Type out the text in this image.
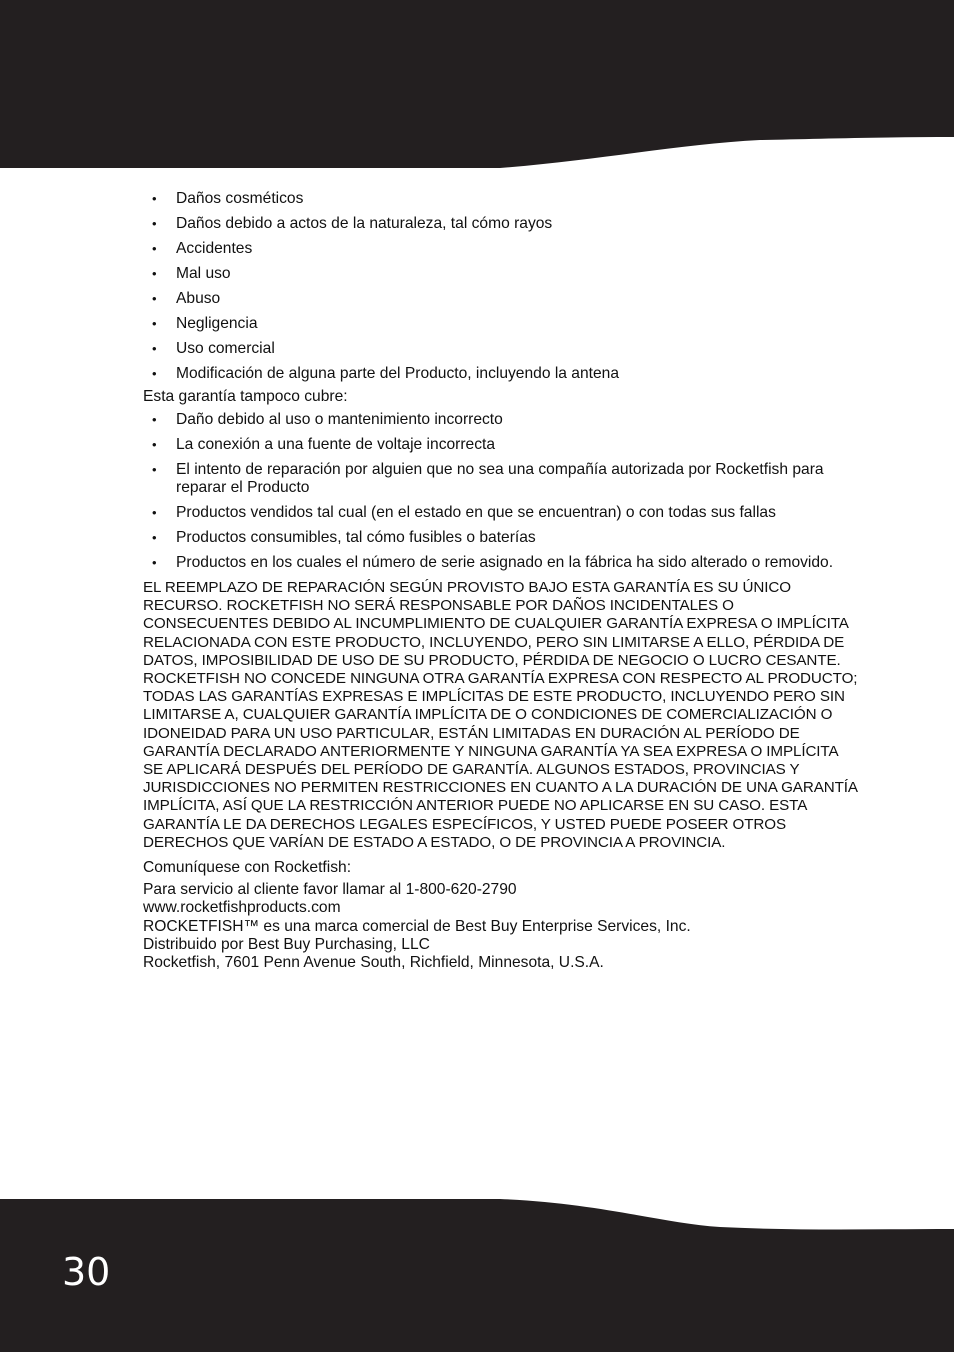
• Daños cosméticos
• Daños debido a actos de la naturaleza, tal cómo rayos
• Accidentes
• Mal uso
• Abuso
• Negligencia
• Uso comercial
• Modificación de alguna parte del Producto, incluyendo la antena

Esta garantía tampoco cubre:

• Daño debido al uso o mantenimiento incorrecto
• La conexión a una fuente de voltaje incorrecta
• El intento de reparación por alguien que no sea una compañía autorizada por Rocketfish para reparar el Producto
• Productos vendidos tal cual (en el estado en que se encuentran) o con todas sus fallas
• Productos consumibles, tal cómo fusibles o baterías
• Productos en los cuales el número de serie asignado en la fábrica ha sido alterado o removido.

EL REEMPLAZO DE REPARACIÓN SEGÚN PROVISTO BAJO ESTA GARANTÍA ES SU ÚNICO RECURSO. ROCKETFISH NO SERÁ RESPONSABLE POR DAÑOS INCIDENTALES O CONSECUENTES DEBIDO AL INCUMPLIMIENTO DE CUALQUIER GARANTÍA EXPRESA O IMPLÍCITA RELACIONADA CON ESTE PRODUCTO, INCLUYENDO, PERO SIN LIMITARSE A ELLO, PÉRDIDA DE DATOS, IMPOSIBILIDAD DE USO DE SU PRODUCTO, PÉRDIDA DE NEGOCIO O LUCRO CESANTE. ROCKETFISH NO CONCEDE NINGUNA OTRA GARANTÍA EXPRESA CON RESPECTO AL PRODUCTO; TODAS LAS GARANTÍAS EXPRESAS E IMPLÍCITAS DE ESTE PRODUCTO, INCLUYENDO PERO SIN LIMITARSE A, CUALQUIER GARANTÍA IMPLÍCITA DE O CONDICIONES DE COMERCIALIZACIÓN O IDONEIDAD PARA UN USO PARTICULAR, ESTÁN LIMITADAS EN DURACIÓN AL PERÍODO DE GARANTÍA DECLARADO ANTERIORMENTE Y NINGUNA GARANTÍA YA SEA EXPRESA O IMPLÍCITA SE APLICARÁ DESPUÉS DEL PERÍODO DE GARANTÍA. ALGUNOS ESTADOS, PROVINCIAS Y JURISDICCIONES NO PERMITEN RESTRICCIONES EN CUANTO A LA DURACIÓN DE UNA GARANTÍA IMPLÍCITA, ASÍ QUE LA RESTRICCIÓN ANTERIOR PUEDE NO APLICARSE EN SU CASO. ESTA GARANTÍA LE DA DERECHOS LEGALES ESPECÍFICOS, Y USTED PUEDE POSEER OTROS DERECHOS QUE VARÍAN DE ESTADO A ESTADO, O DE PROVINCIA A PROVINCIA.

Comuníquese con Rocketfish:

Para servicio al cliente favor llamar al 1-800-620-2790
www.rocketfishproducts.com
ROCKETFISH™ es una marca comercial de Best Buy Enterprise Services, Inc.
Distribuido por Best Buy Purchasing, LLC
Rocketfish, 7601 Penn Avenue South, Richfield, Minnesota, U.S.A.
30
